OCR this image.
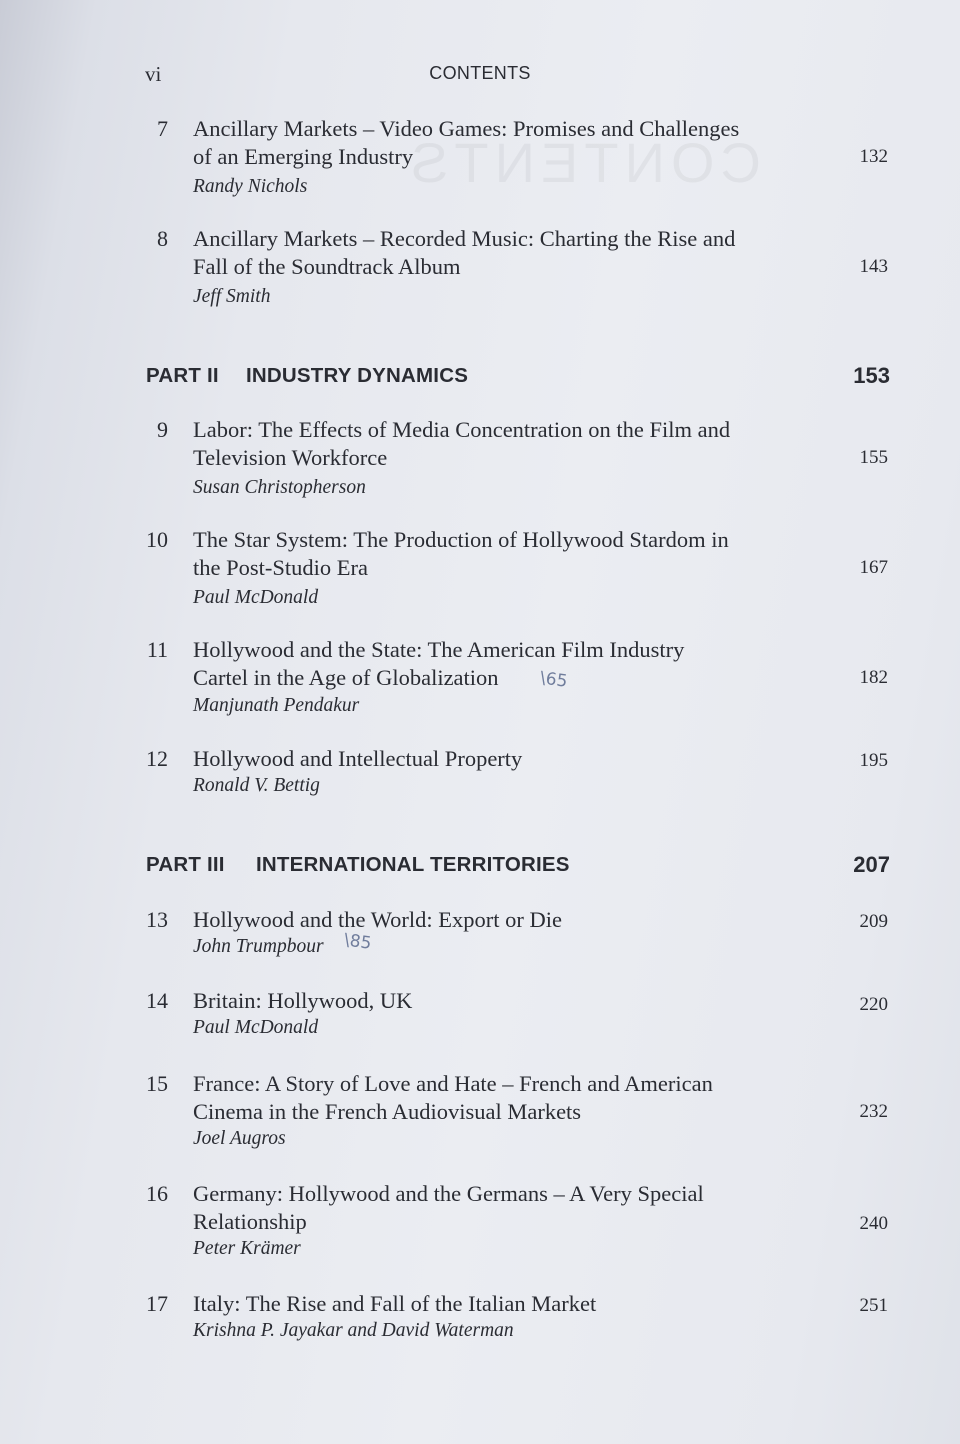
CONTENTS
vi	CONTENTS
7 Ancillary Markets – Video Games: Promises and Challenges
of an Emerging Industry	132
Randy Nichols
8 Ancillary Markets – Recorded Music: Charting the Rise and
Fall of the Soundtrack Album	143
Jeff Smith
PART II INDUSTRY DYNAMICS	153
9 Labor: The Effects of Media Concentration on the Film and
Television Workforce	155
Susan Christopherson
10 The Star System: The Production of Hollywood Stardom in
the Post-Studio Era	167
Paul McDonald
11 Hollywood and the State: The American Film Industry
Cartel in the Age of Globalization	\65	182
Manjunath Pendakur
12 Hollywood and Intellectual Property	195
Ronald V. Bettig
PART III INTERNATIONAL TERRITORIES	207
13 Hollywood and the World: Export or Die	209
John Trumpbour \85
14 Britain: Hollywood, UK	220
Paul McDonald
15 France: A Story of Love and Hate – French and American
Cinema in the French Audiovisual Markets	232
Joel Augros
16 Germany: Hollywood and the Germans – A Very Special
Relationship	240
Peter Krämer
17 Italy: The Rise and Fall of the Italian Market	251
Krishna P. Jayakar and David Waterman
